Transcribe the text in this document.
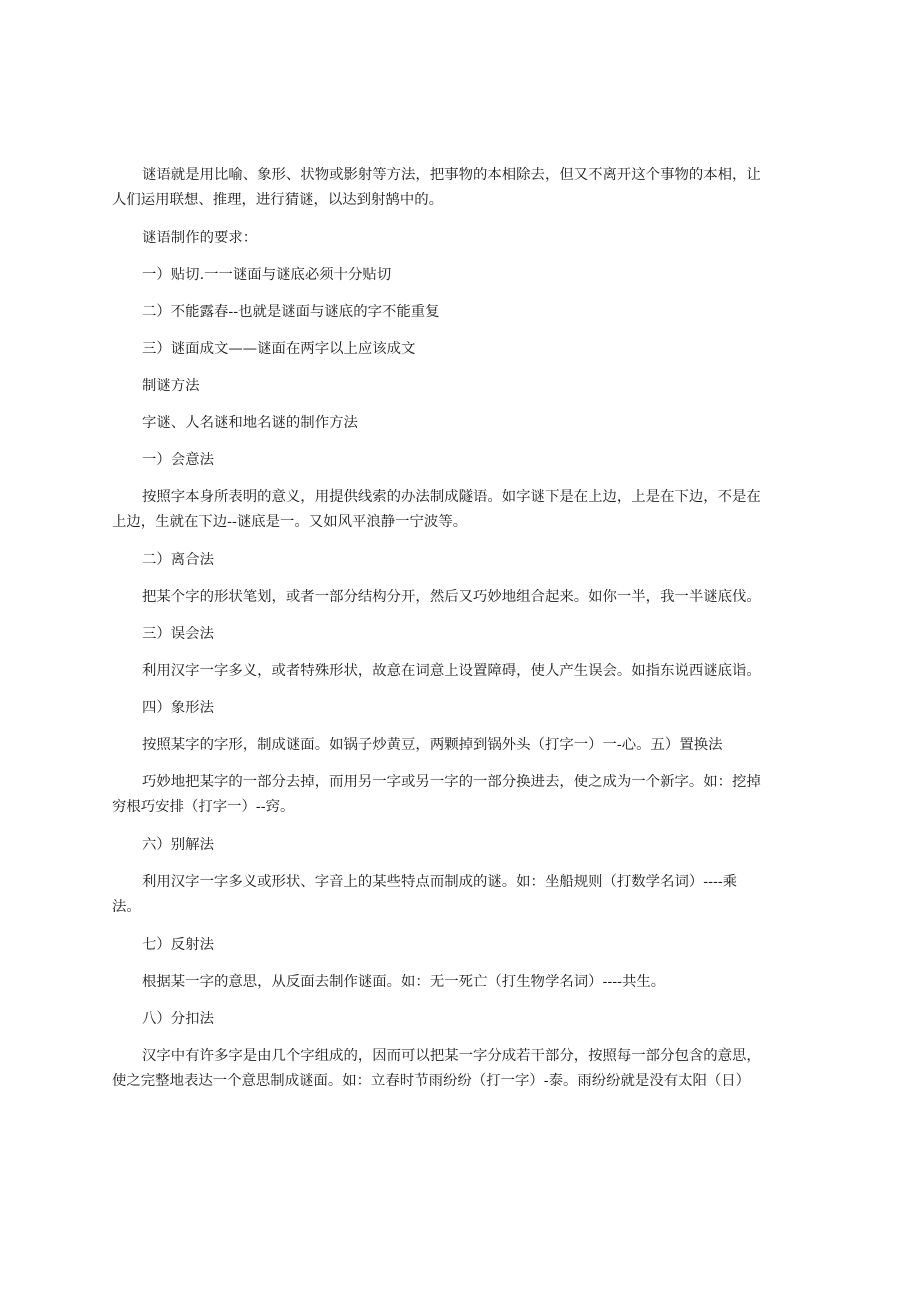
谜语就是用比喻、象形、状物或影射等方法，把事物的本相除去，但又不离开这个事物的本相，让人们运用联想、推理，进行猜谜，以达到射鹄中的。

谜语制作的要求：

一）贴切.一一谜面与谜底必须十分贴切

二）不能露春--也就是谜面与谜底的字不能重复

三）谜面成文——谜面在两字以上应该成文

制谜方法

字谜、人名谜和地名谜的制作方法

一）会意法

按照字本身所表明的意义，用提供线索的办法制成隧语。如字谜下是在上边，上是在下边，不是在上边，生就在下边--谜底是一。又如风平浪静一宁波等。

二）离合法

把某个字的形状笔划，或者一部分结构分开，然后又巧妙地组合起来。如你一半，我一半谜底伐。

三）误会法

利用汉字一字多义，或者特殊形状，故意在词意上设置障碍，使人产生误会。如指东说西谜底诣。

四）象形法

按照某字的字形，制成谜面。如锅子炒黄豆，两颗掉到锅外头（打字一）一-心。五）置换法

巧妙地把某字的一部分去掉，而用另一字或另一字的一部分换进去，使之成为一个新字。如：挖掉穷根巧安排（打字一）--窍。

六）别解法

利用汉字一字多义或形状、字音上的某些特点而制成的谜。如：坐船规则（打数学名词）----乘法。

七）反射法

根据某一字的意思，从反面去制作谜面。如：无一死亡（打生物学名词）----共生。

八）分扣法

汉字中有许多字是由几个字组成的，因而可以把某一字分成若干部分，按照每一部分包含的意思，使之完整地表达一个意思制成谜面。如：立春时节雨纷纷（打一字）-泰。雨纷纷就是没有太阳（日）
